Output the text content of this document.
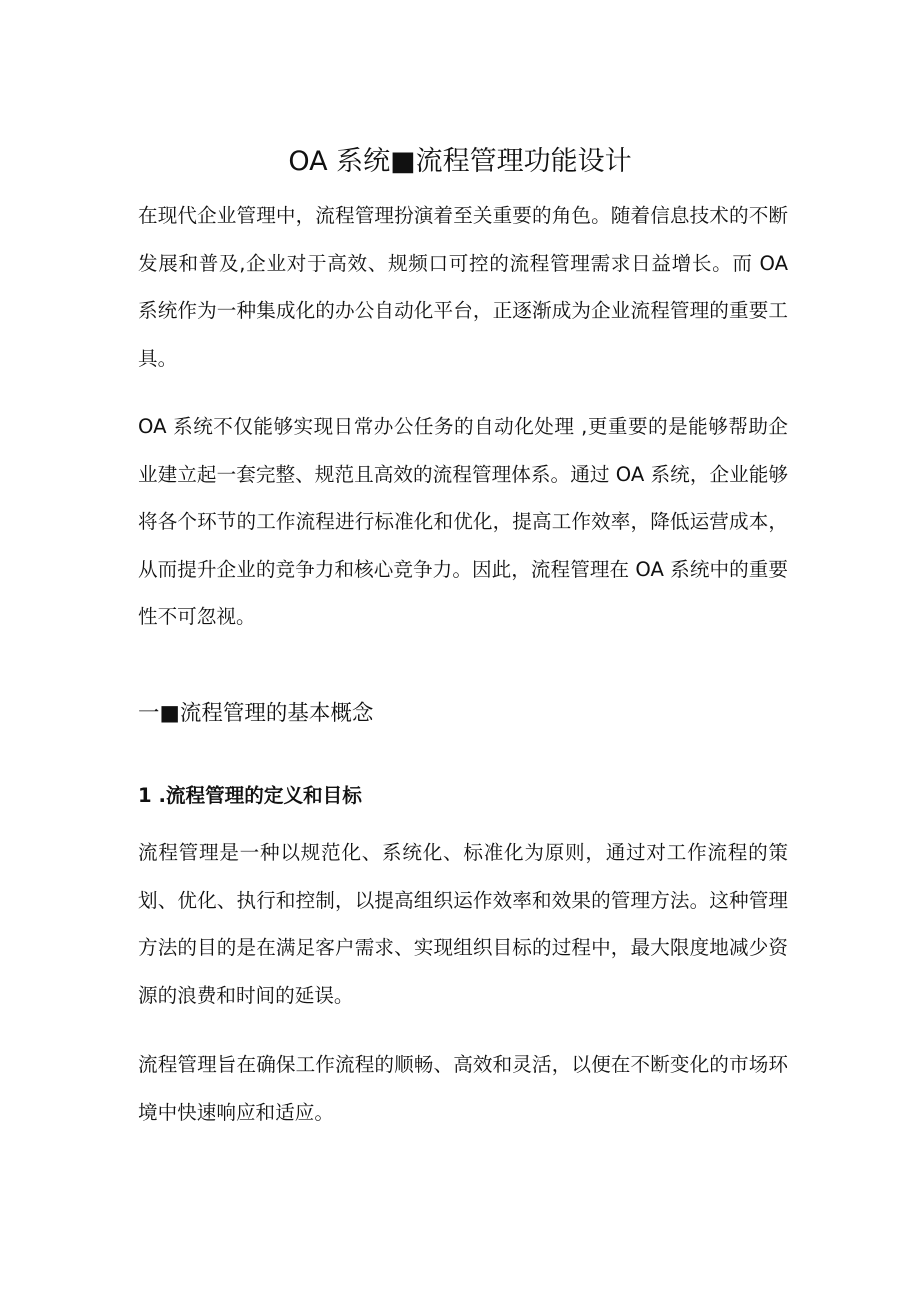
OA 系统■流程管理功能设计

在现代企业管理中，流程管理扮演着至关重要的角色。随着信息技术的不断发展和普及,企业对于高效、规频口可控的流程管理需求日益增长。而 OA 系统作为一种集成化的办公自动化平台，正逐渐成为企业流程管理的重要工具。

OA 系统不仅能够实现日常办公任务的自动化处理 ,更重要的是能够帮助企业建立起一套完整、规范且高效的流程管理体系。通过 OA 系统，企业能够将各个环节的工作流程进行标准化和优化，提高工作效率，降低运营成本，从而提升企业的竞争力和核心竞争力。因此，流程管理在 OA 系统中的重要性不可忽视。

一■流程管理的基本概念
1 .流程管理的定义和目标

流程管理是一种以规范化、系统化、标准化为原则，通过对工作流程的策划、优化、执行和控制，以提高组织运作效率和效果的管理方法。这种管理方法的目的是在满足客户需求、实现组织目标的过程中，最大限度地减少资源的浪费和时间的延误。

流程管理旨在确保工作流程的顺畅、高效和灵活，以便在不断变化的市场环境中快速响应和适应。
